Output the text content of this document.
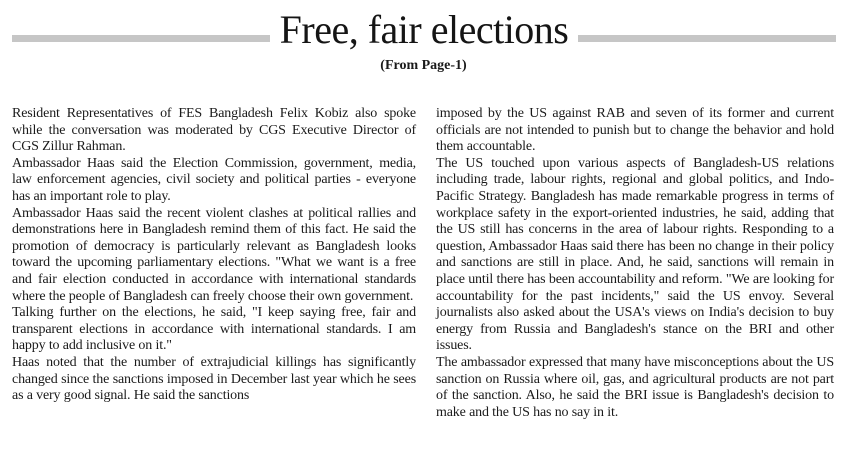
Free, fair elections
(From Page-1)

Resident Representatives of FES Bangladesh Felix Kobiz also spoke while the conversation was moderated by CGS Executive Director of CGS Zillur Rahman.

Ambassador Haas said the Election Commission, government, media, law enforcement agencies, civil society and political parties - everyone has an important role to play.

Ambassador Haas said the recent violent clashes at political rallies and demonstrations here in Bangladesh remind them of this fact. He said the promotion of democracy is particularly relevant as Bangladesh looks toward the upcoming parliamentary elections. "What we want is a free and fair election conducted in accordance with international standards where the people of Bangladesh can freely choose their own government.

Talking further on the elections, he said, "I keep saying free, fair and transparent elections in accordance with international standards. I am happy to add inclusive on it."

Haas noted that the number of extrajudicial killings has significantly changed since the sanctions imposed in December last year which he sees as a very good signal. He said the sanctions

imposed by the US against RAB and seven of its former and current officials are not intended to punish but to change the behavior and hold them accountable.

The US touched upon various aspects of Bangladesh-US relations including trade, labour rights, regional and global politics, and Indo-Pacific Strategy. Bangladesh has made remarkable progress in terms of workplace safety in the export-oriented industries, he said, adding that the US still has concerns in the area of labour rights. Responding to a question, Ambassador Haas said there has been no change in their policy and sanctions are still in place. And, he said, sanctions will remain in place until there has been accountability and reform. "We are looking for accountability for the past incidents," said the US envoy. Several journalists also asked about the USA's views on India's decision to buy energy from Russia and Bangladesh's stance on the BRI and other issues.

The ambassador expressed that many have misconceptions about the US sanction on Russia where oil, gas, and agricultural products are not part of the sanction. Also, he said the BRI issue is Bangladesh's decision to make and the US has no say in it.
